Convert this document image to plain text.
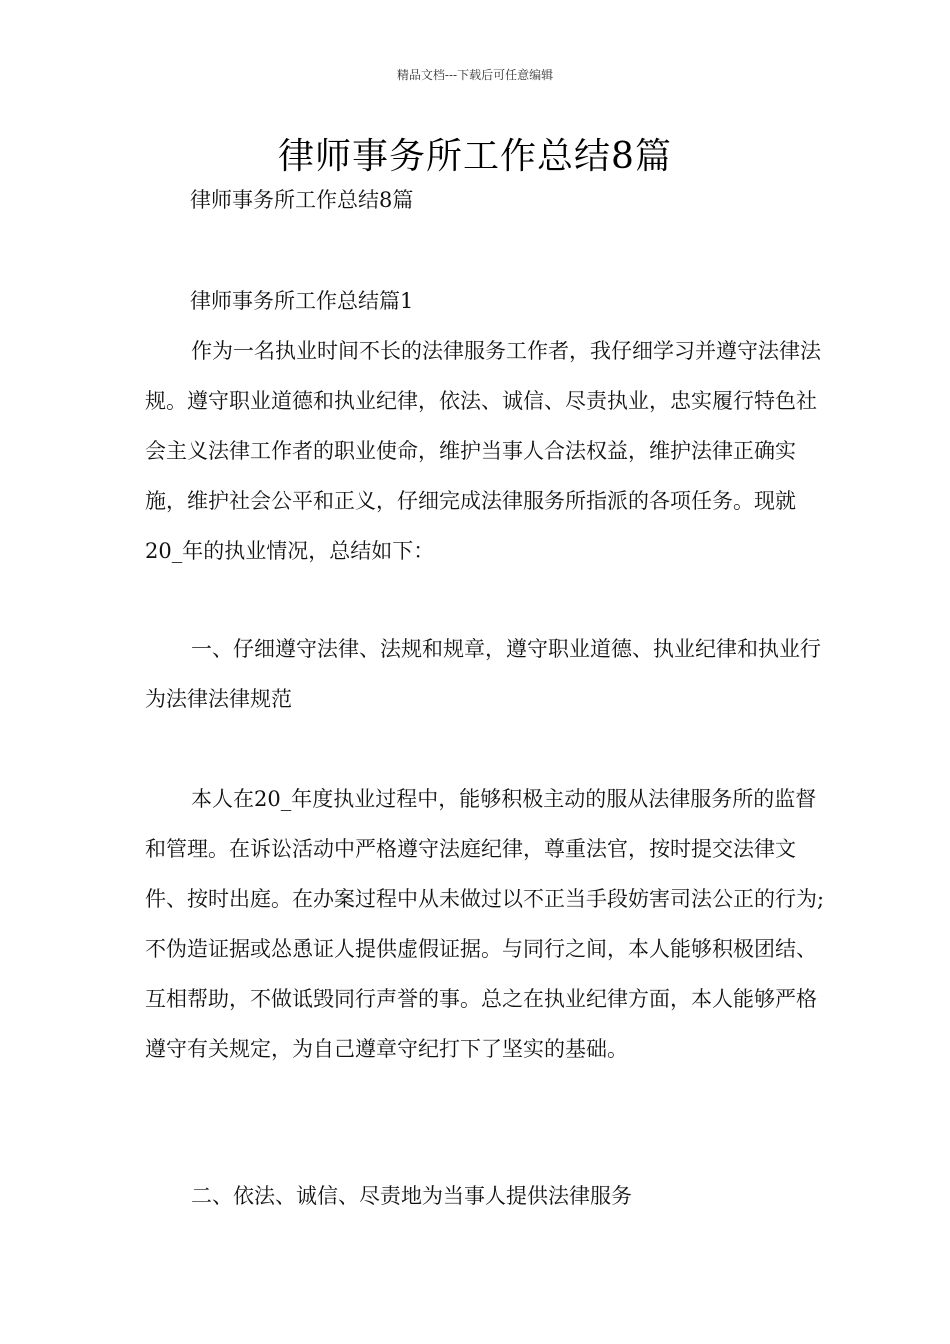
精品文档---下载后可任意编辑
律师事务所工作总结8篇
律师事务所工作总结8篇
律师事务所工作总结篇1

作为一名执业时间不长的法律服务工作者，我仔细学习并遵守法律法规。遵守职业道德和执业纪律，依法、诚信、尽责执业，忠实履行特色社会主义法律工作者的职业使命，维护当事人合法权益，维护法律正确实施，维护社会公平和正义，仔细完成法律服务所指派的各项任务。现就20_年的执业情况，总结如下：

一、仔细遵守法律、法规和规章，遵守职业道德、执业纪律和执业行为法律法律规范

本人在20_年度执业过程中，能够积极主动的服从法律服务所的监督和管理。在诉讼活动中严格遵守法庭纪律，尊重法官，按时提交法律文件、按时出庭。在办案过程中从未做过以不正当手段妨害司法公正的行为;不伪造证据或怂恿证人提供虚假证据。与同行之间，本人能够积极团结、互相帮助，不做诋毁同行声誉的事。总之在执业纪律方面，本人能够严格遵守有关规定，为自己遵章守纪打下了坚实的基础。

二、依法、诚信、尽责地为当事人提供法律服务
